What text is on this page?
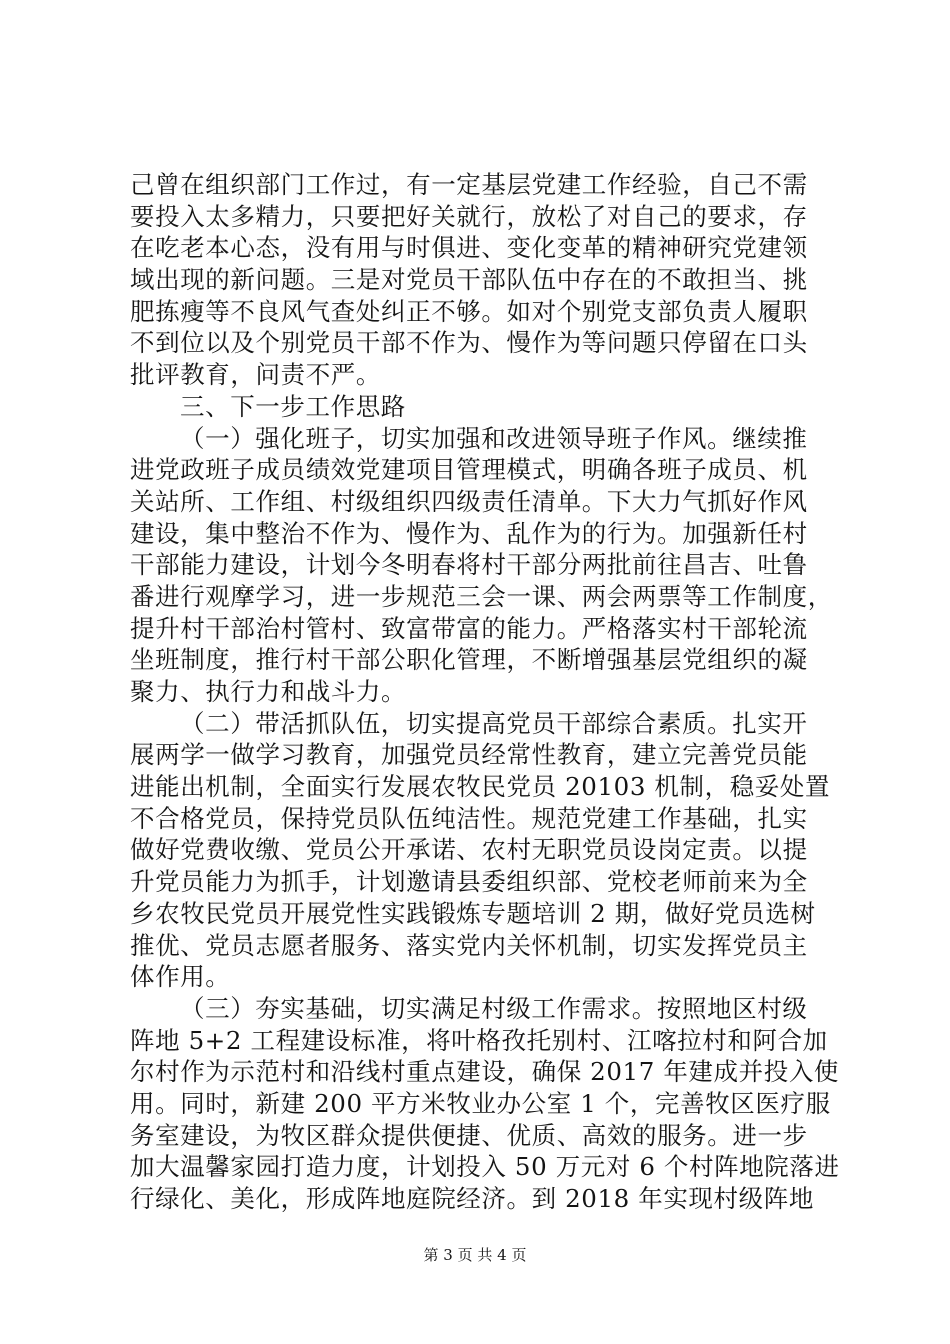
己曾在组织部门工作过，有一定基层党建工作经验，自己不需
要投入太多精力，只要把好关就行，放松了对自己的要求，存
在吃老本心态，没有用与时俱进、变化变革的精神研究党建领
域出现的新问题。三是对党员干部队伍中存在的不敢担当、挑
肥拣瘦等不良风气查处纠正不够。如对个别党支部负责人履职
不到位以及个别党员干部不作为、慢作为等问题只停留在口头
批评教育，问责不严。
三、下一步工作思路
（一）强化班子，切实加强和改进领导班子作风。继续推
进党政班子成员绩效党建项目管理模式，明确各班子成员、机
关站所、工作组、村级组织四级责任清单。下大力气抓好作风
建设，集中整治不作为、慢作为、乱作为的行为。加强新任村
干部能力建设，计划今冬明春将村干部分两批前往昌吉、吐鲁
番进行观摩学习，进一步规范三会一课、两会两票等工作制度，
提升村干部治村管村、致富带富的能力。严格落实村干部轮流
坐班制度，推行村干部公职化管理，不断增强基层党组织的凝
聚力、执行力和战斗力。
（二）带活抓队伍，切实提高党员干部综合素质。扎实开
展两学一做学习教育，加强党员经常性教育，建立完善党员能
进能出机制，全面实行发展农牧民党员 20103 机制，稳妥处置
不合格党员，保持党员队伍纯洁性。规范党建工作基础，扎实
做好党费收缴、党员公开承诺、农村无职党员设岗定责。以提
升党员能力为抓手，计划邀请县委组织部、党校老师前来为全
乡农牧民党员开展党性实践锻炼专题培训 2 期，做好党员选树
推优、党员志愿者服务、落实党内关怀机制，切实发挥党员主
体作用。
（三）夯实基础，切实满足村级工作需求。按照地区村级
阵地 5+2 工程建设标准，将叶格孜托别村、江喀拉村和阿合加
尔村作为示范村和沿线村重点建设，确保 2017 年建成并投入使
用。同时，新建 200 平方米牧业办公室 1 个，完善牧区医疗服
务室建设，为牧区群众提供便捷、优质、高效的服务。进一步
加大温馨家园打造力度，计划投入 50 万元对 6 个村阵地院落进
行绿化、美化，形成阵地庭院经济。到 2018 年实现村级阵地
第 3 页 共 4 页
